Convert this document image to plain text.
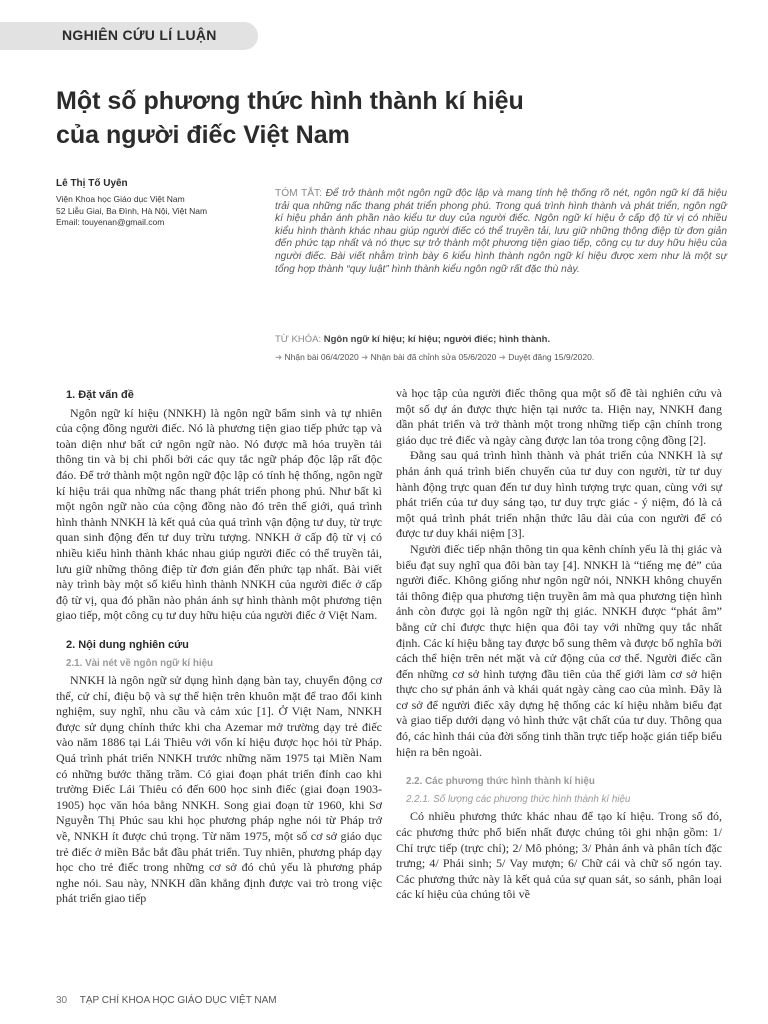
NGHIÊN CỨU LÍ LUẬN
Một số phương thức hình thành kí hiệu
của người điếc Việt Nam
Lê Thị Tố Uyên
Viện Khoa học Giáo dục Việt Nam
52 Liễu Giai, Ba Đình, Hà Nội, Việt Nam
Email: touyenan@gmail.com
TÓM TẮT: Để trở thành một ngôn ngữ độc lập và mang tính hệ thống rõ nét, ngôn ngữ kí đã hiệu trải qua những nấc thang phát triển phong phú. Trong quá trình hình thành và phát triển, ngôn ngữ kí hiệu phản ánh phần nào kiểu tư duy của người điếc. Ngôn ngữ kí hiệu ở cấp độ từ vị có nhiều kiểu hình thành khác nhau giúp người điếc có thể truyền tải, lưu giữ những thông điệp từ đơn giản đến phức tạp nhất và nó thực sự trở thành một phương tiện giao tiếp, công cụ tư duy hữu hiệu của người điếc. Bài viết nhằm trình bày 6 kiểu hình thành ngôn ngữ kí hiệu được xem như là một sự tổng hợp thành “quy luật” hình thành kiểu ngôn ngữ rất đặc thù này.
TỪ KHÓA: Ngôn ngữ kí hiệu; kí hiệu; người điếc; hình thành.
➜ Nhận bài 06/4/2020 ➜ Nhận bài đã chỉnh sửa 05/6/2020 ➜ Duyệt đăng 15/9/2020.
1. Đặt vấn đề

Ngôn ngữ kí hiệu (NNKH) là ngôn ngữ bẩm sinh và tự nhiên của cộng đồng người điếc. Nó là phương tiện giao tiếp phức tạp và toàn diện như bất cứ ngôn ngữ nào. Nó được mã hóa truyền tải thông tin và bị chi phối bởi các quy tắc ngữ pháp độc lập rất độc đáo. Để trở thành một ngôn ngữ độc lập có tính hệ thống, ngôn ngữ kí hiệu trải qua những nấc thang phát triển phong phú. Như bất kì một ngôn ngữ nào của cộng đồng nào đó trên thế giới, quá trình hình thành NNKH là kết quả của quá trình vận động tư duy, từ trực quan sinh động đến tư duy trừu tượng. NNKH ở cấp độ từ vị có nhiều kiểu hình thành khác nhau giúp người điếc có thể truyền tải, lưu giữ những thông điệp từ đơn giản đến phức tạp nhất. Bài viết này trình bày một số kiểu hình thành NNKH của người điếc ở cấp độ từ vị, qua đó phần nào phản ánh sự hình thành một phương tiện giao tiếp, một công cụ tư duy hữu hiệu của người điếc ở Việt Nam.

2. Nội dung nghiên cứu
2.1. Vài nét về ngôn ngữ kí hiệu

NNKH là ngôn ngữ sử dụng hình dạng bàn tay, chuyển động cơ thể, cử chỉ, điệu bộ và sự thể hiện trên khuôn mặt để trao đổi kinh nghiệm, suy nghĩ, nhu cầu và cảm xúc [1]. Ở Việt Nam, NNKH được sử dụng chính thức khi cha Azemar mở trường dạy trẻ điếc vào năm 1886 tại Lái Thiêu với vốn kí hiệu được học hỏi từ Pháp. Quá trình phát triển NNKH trước những năm 1975 tại Miền Nam có những bước thăng trầm. Có giai đoạn phát triển đỉnh cao khi trường Điếc Lái Thiêu có đến 600 học sinh điếc (giai đoạn 1903-1905) học văn hóa bằng NNKH. Song giai đoạn từ 1960, khi Sơ Nguyễn Thị Phúc sau khi học phương pháp nghe nói từ Pháp trở về, NNKH ít được chú trọng. Từ năm 1975, một số cơ sở giáo dục trẻ điếc ở miền Bắc bắt đầu phát triển. Tuy nhiên, phương pháp dạy học cho trẻ điếc trong những cơ sở đó chủ yếu là phương pháp nghe nói. Sau này, NNKH dần khẳng định được vai trò trong việc phát triển giao tiếp

và học tập của người điếc thông qua một số đề tài nghiên cứu và một số dự án được thực hiện tại nước ta. Hiện nay, NNKH đang dần phát triển và trở thành một trong những tiếp cận chính trong giáo dục trẻ điếc và ngày càng được lan tỏa trong cộng đồng [2].

Đằng sau quá trình hình thành và phát triển của NNKH là sự phản ánh quá trình biến chuyển của tư duy con người, từ tư duy hành động trực quan đến tư duy hình tượng trực quan, cùng với sự phát triển của tư duy sáng tạo, tư duy trực giác - ý niệm, đó là cả một quá trình phát triển nhận thức lâu dài của con người để có được tư duy khái niệm [3].

Người điếc tiếp nhận thông tin qua kênh chính yếu là thị giác và biểu đạt suy nghĩ qua đôi bàn tay [4]. NNKH là “tiếng mẹ đẻ” của người điếc. Không giống như ngôn ngữ nói, NNKH không chuyển tải thông điệp qua phương tiện truyền âm mà qua phương tiện hình ảnh còn được gọi là ngôn ngữ thị giác. NNKH được “phát âm” bằng cử chỉ được thực hiện qua đôi tay với những quy tắc nhất định. Các kí hiệu bằng tay được bổ sung thêm và được bổ nghĩa bởi cách thể hiện trên nét mặt và cử động của cơ thể. Người điếc cần đến những cơ sở hình tượng đầu tiên của thế giới làm cơ sở hiện thực cho sự phản ánh và khái quát ngày càng cao của mình. Đây là cơ sở để người điếc xây dựng hệ thống các kí hiệu nhằm biểu đạt và giao tiếp dưới dạng vỏ hình thức vật chất của tư duy. Thông qua đó, các hình thái của đời sống tinh thần trực tiếp hoặc gián tiếp biểu hiện ra bên ngoài.

2.2. Các phương thức hình thành kí hiệu
2.2.1. Số lượng các phương thức hình thành kí hiệu

Có nhiều phương thức khác nhau để tạo kí hiệu. Trong số đó, các phương thức phổ biến nhất được chúng tôi ghi nhận gồm: 1/ Chỉ trực tiếp (trực chỉ); 2/ Mô phỏng; 3/ Phản ánh và phân tích đặc trưng; 4/ Phái sinh; 5/ Vay mượn; 6/ Chữ cái và chữ số ngón tay. Các phương thức này là kết quả của sự quan sát, so sánh, phân loại các kí hiệu của chúng tôi về

30 TẠP CHÍ KHOA HỌC GIÁO DỤC VIỆT NAM
